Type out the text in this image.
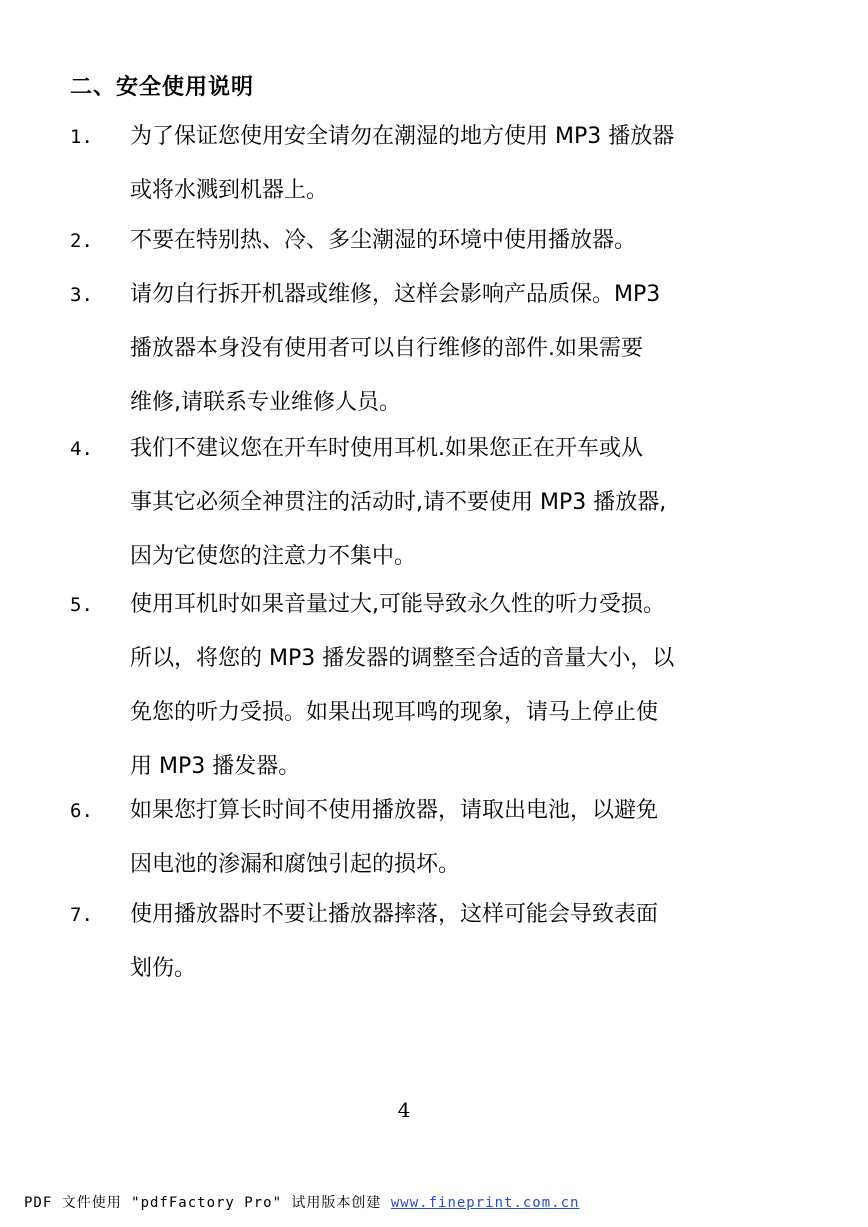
二、安全使用说明
1. 为了保证您使用安全请勿在潮湿的地方使用 MP3 播放器
或将水溅到机器上。
2. 不要在特别热、冷、多尘潮湿的环境中使用播放器。
3. 请勿自行拆开机器或维修，这样会影响产品质保。MP3
播放器本身没有使用者可以自行维修的部件.如果需要
维修,请联系专业维修人员。
4. 我们不建议您在开车时使用耳机.如果您正在开车或从
事其它必须全神贯注的活动时,请不要使用 MP3 播放器,
因为它使您的注意力不集中。
5. 使用耳机时如果音量过大,可能导致永久性的听力受损。
所以，将您的 MP3 播发器的调整至合适的音量大小，以
免您的听力受损。如果出现耳鸣的现象，请马上停止使
用 MP3 播发器。
6. 如果您打算长时间不使用播放器，请取出电池，以避免
因电池的渗漏和腐蚀引起的损坏。
7. 使用播放器时不要让播放器摔落，这样可能会导致表面
划伤。
4
PDF 文件使用 "pdfFactory Pro" 试用版本创建 www.fineprint.com.cn
